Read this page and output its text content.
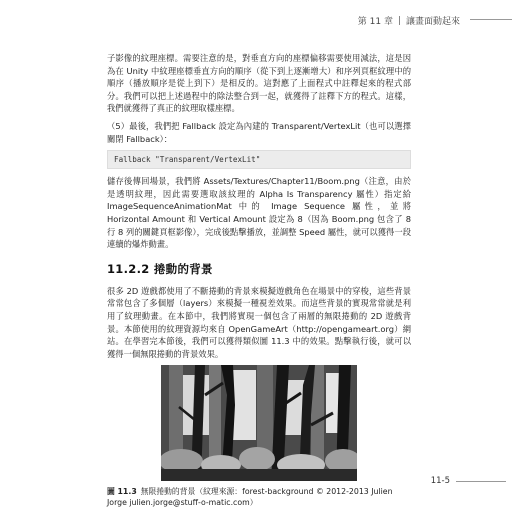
第 11 章 讓畫面動起來

子影像的紋理座標。需要注意的是，對垂直方向的座標偏移需要使用減法，這是因為在 Unity 中紋理座標垂直方向的順序（從下到上逐漸增大）和序列頁框紋理中的順序（播放順序是從上到下）是相反的。這對應了上面程式中註釋起來的程式部分。我們可以把上述過程中的除法整合到一起，就獲得了註釋下方的程式。這樣，我們就獲得了真正的紋理取樣座標。

（5）最後，我們把 Fallback 設定為內建的 Transparent/VertexLit（也可以選擇關閉 Fallback）：

Fallback "Transparent/VertexLit"

儲存後傳回場景，我們將 Assets/Textures/Chapter11/Boom.png（注意，由於是透明紋理，因此需要選取該紋理的 Alpha Is Transparency 屬性）指定給 ImageSequenceAnimationMat 中的 Image Sequence 屬性，並將 Horizontal Amount 和 Vertical Amount 設定為 8（因為 Boom.png 包含了 8 行 8 列的關鍵頁框影像），完成後點擊播放，並調整 Speed 屬性，就可以獲得一段連續的爆炸動畫。

11.2.2 捲動的背景

很多 2D 遊戲都使用了不斷捲動的背景來模擬遊戲角色在場景中的穿梭，這些背景常常包含了多個層（layers）來模擬一種視差效果。而這些背景的實現常常就是利用了紋理動畫。在本節中，我們將實現一個包含了兩層的無限捲動的 2D 遊戲背景。本節使用的紋理資源均來自 OpenGameArt（http://opengameart.org）網站。在學習完本節後，我們可以獲得類似圖 11.3 中的效果。點擊執行後，就可以獲得一個無限捲動的背景效果。

圖 11.3 無限捲動的背景（紋理來源：forest-background © 2012-2013 Julien Jorge julien.jorge@stuff-o-matic.com）
11-5
